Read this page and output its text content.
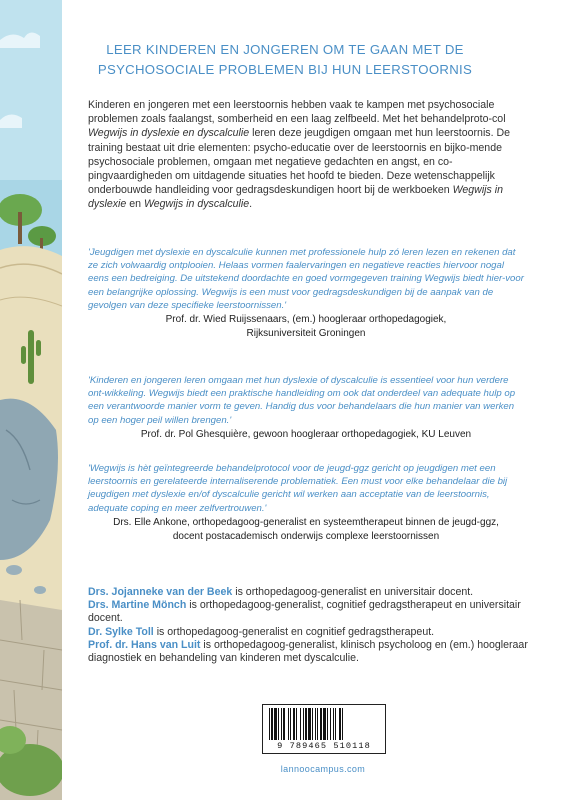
LEER KINDEREN EN JONGEREN OM TE GAAN MET DE
PSYCHOSOCIALE PROBLEMEN BIJ HUN LEERSTOORNIS
Kinderen en jongeren met een leerstoornis hebben vaak te kampen met psychosociale problemen zoals faalangst, somberheid en een laag zelfbeeld. Met het behandelproto-col Wegwijs in dyslexie en dyscalculie leren deze jeugdigen omgaan met hun leerstoornis. De training bestaat uit drie elementen: psycho-educatie over de leerstoornis en bijko-mende psychosociale problemen, omgaan met negatieve gedachten en angst, en co-pingvaardigheden om uitdagende situaties het hoofd te bieden. Deze wetenschappelijk onderbouwde handleiding voor gedragsdeskundigen hoort bij de werkboeken Wegwijs in dyslexie en Wegwijs in dyscalculie.
'Jeugdigen met dyslexie en dyscalculie kunnen met professionele hulp zó leren lezen en rekenen dat ze zich volwaardig ontplooien. Helaas vormen faalervaringen en negatieve reacties hiervoor nogal eens een bedreiging. De uitstekend doordachte en goed vormgegeven training Wegwijs biedt hier-voor een belangrijke oplossing. Wegwijs is een must voor gedragsdeskundigen bij de aanpak van de gevolgen van deze specifieke leerstoornissen.'
Prof. dr. Wied Ruijssenaars, (em.) hoogleraar orthopedagogiek,
Rijksuniversiteit Groningen
'Kinderen en jongeren leren omgaan met hun dyslexie of dyscalculie is essentieel voor hun verdere ont-wikkeling. Wegwijs biedt een praktische handleiding om ook dat onderdeel van adequate hulp op een verantwoorde manier vorm te geven. Handig dus voor behandelaars die hun manier van werken op een hoger peil willen brengen.'
Prof. dr. Pol Ghesquière, gewoon hoogleraar orthopedagogiek, KU Leuven
'Wegwijs is hèt geïntegreerde behandelprotocol voor de jeugd-ggz gericht op jeugdigen met een leerstoornis en gerelateerde internaliserende problematiek. Een must voor elke behandelaar die bij jeugdigen met dyslexie en/of dyscalculie gericht wil werken aan acceptatie van de leerstoornis, adequate coping en meer zelfvertrouwen.'
Drs. Elle Ankone, orthopedagoog-generalist en systeemtherapeut binnen de jeugd-ggz,
docent postacademisch onderwijs complexe leerstoornissen
Drs. Jojanneke van der Beek is orthopedagoog-generalist en universitair docent.
Drs. Martine Mönch is orthopedagoog-generalist, cognitief gedragstherapeut en universitair docent.
Dr. Sylke Toll is orthopedagoog-generalist en cognitief gedragstherapeut.
Prof. dr. Hans van Luit is orthopedagoog-generalist, klinisch psycholoog en (em.) hoogleraar diagnostiek en behandeling van kinderen met dyscalculie.
9 789465 510118
lannoocampus.com
